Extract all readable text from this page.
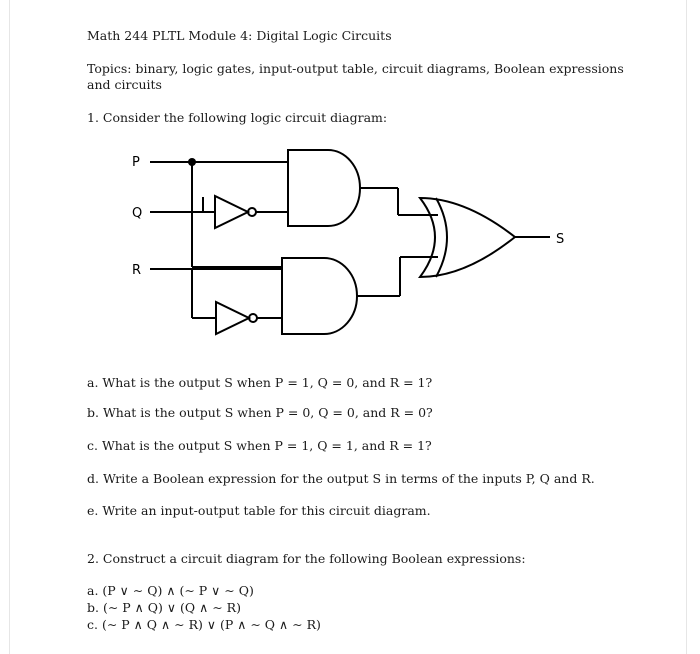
Math 244 PLTL Module 4: Digital Logic Circuits
Topics: binary, logic gates, input-output table, circuit diagrams, Boolean expressions and circuits
1. Consider the following logic circuit diagram:
P
Q
R
S
a. What is the output S when P = 1, Q = 0, and R = 1?
b. What is the output S when P = 0, Q = 0, and R = 0?
c. What is the output S when P = 1, Q = 1, and R = 1?
d. Write a Boolean expression for the output S in terms of the inputs P, Q and R.
e. Write an input-output table for this circuit diagram.
2. Construct a circuit diagram for the following Boolean expressions:
a. (P ∨ ∼ Q) ∧ (∼ P ∨ ∼ Q)
b. (∼ P ∧ Q) ∨ (Q ∧ ∼ R)
c. (∼ P ∧ Q ∧ ∼ R) ∨ (P ∧ ∼ Q ∧ ∼ R)
